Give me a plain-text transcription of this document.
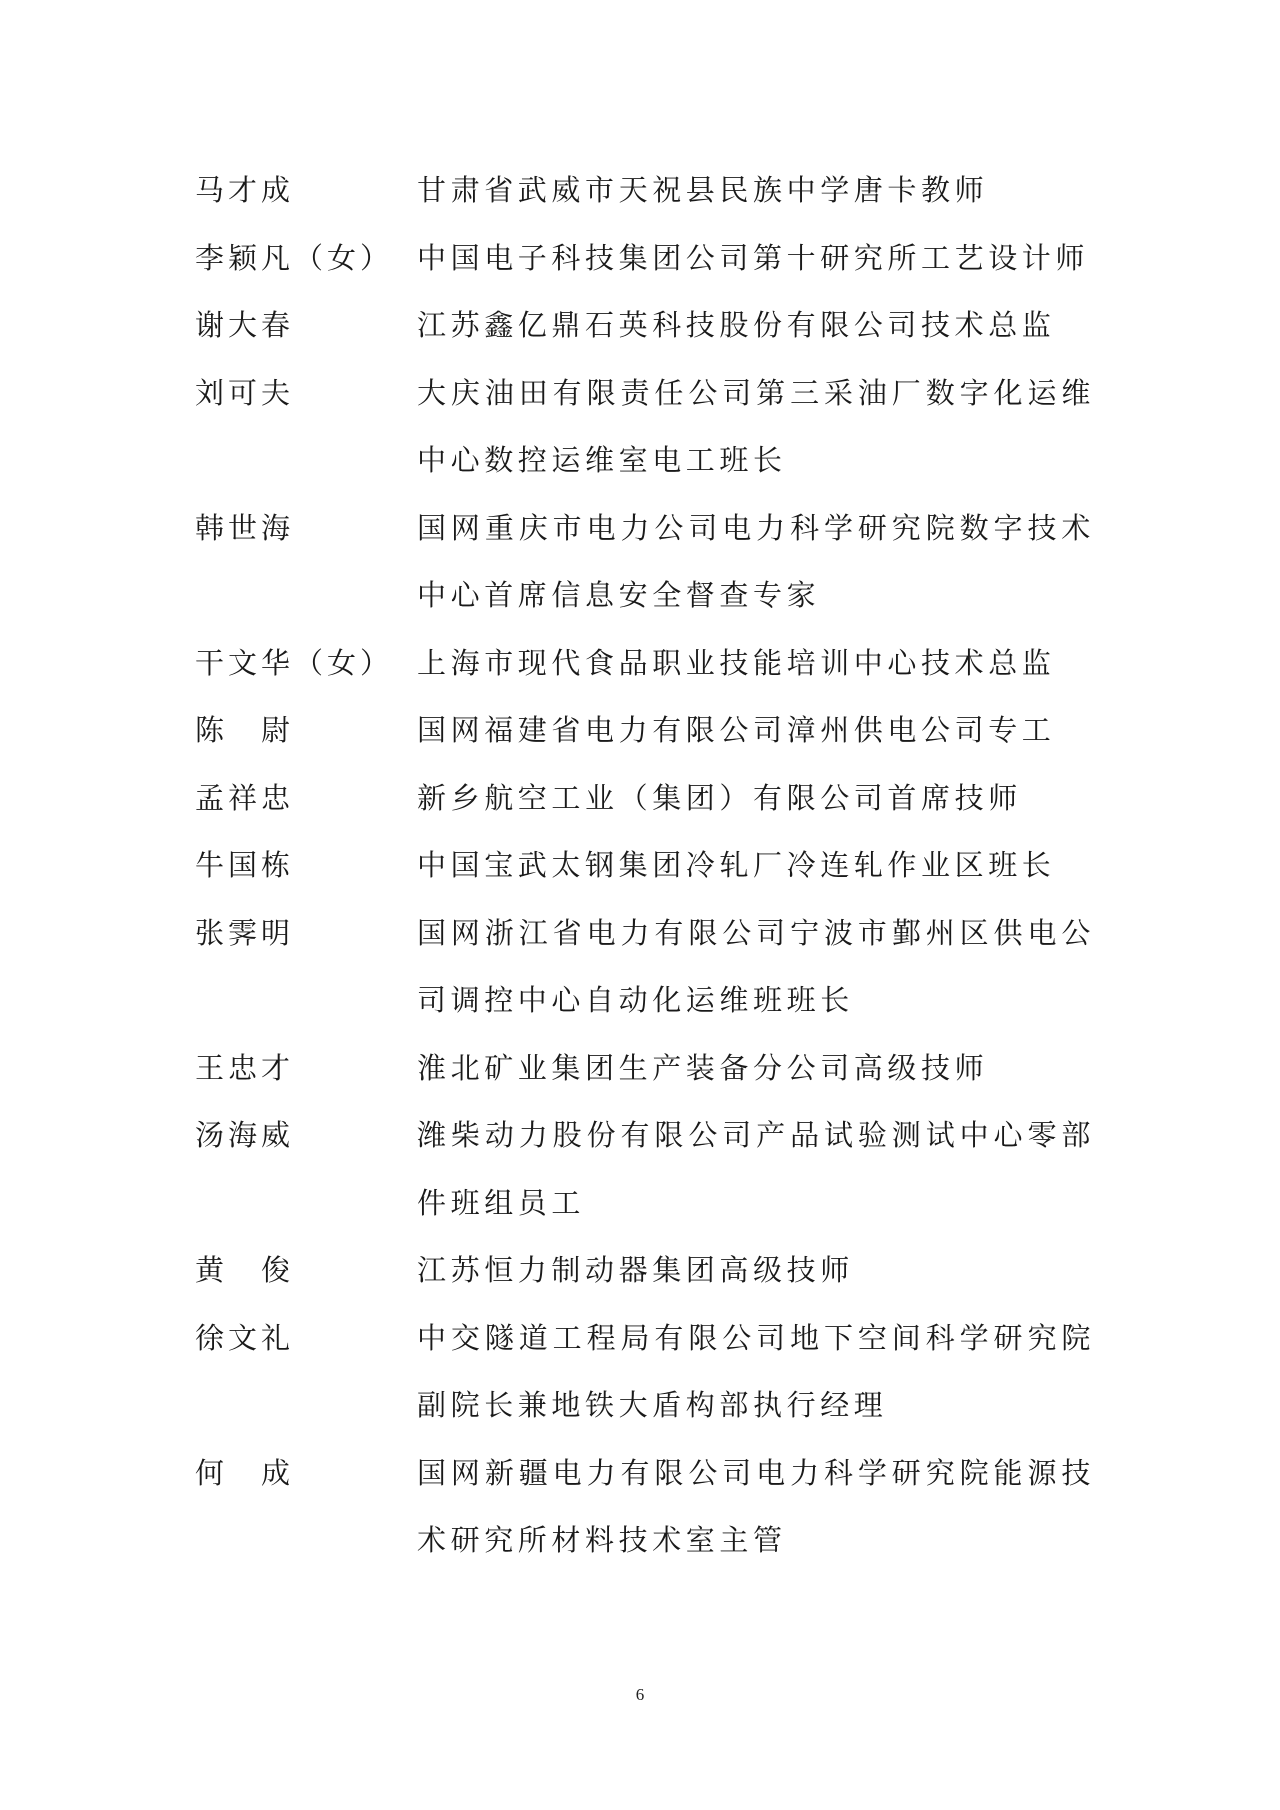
马才成	甘肃省武威市天祝县民族中学唐卡教师
李颖凡（女） 中国电子科技集团公司第十研究所工艺设计师
谢大春	江苏鑫亿鼎石英科技股份有限公司技术总监
刘可夫	大庆油田有限责任公司第三采油厂数字化运维中心数控运维室电工班长
韩世海	国网重庆市电力公司电力科学研究院数字技术中心首席信息安全督查专家
干文华（女） 上海市现代食品职业技能培训中心技术总监
陈　尉	国网福建省电力有限公司漳州供电公司专工
孟祥忠	新乡航空工业（集团）有限公司首席技师
牛国栋	中国宝武太钢集团冷轧厂冷连轧作业区班长
张霁明	国网浙江省电力有限公司宁波市鄞州区供电公司调控中心自动化运维班班长
王忠才	淮北矿业集团生产装备分公司高级技师
汤海威	潍柴动力股份有限公司产品试验测试中心零部件班组员工
黄　俊	江苏恒力制动器集团高级技师
徐文礼	中交隧道工程局有限公司地下空间科学研究院副院长兼地铁大盾构部执行经理
何　成	国网新疆电力有限公司电力科学研究院能源技术研究所材料技术室主管
6
